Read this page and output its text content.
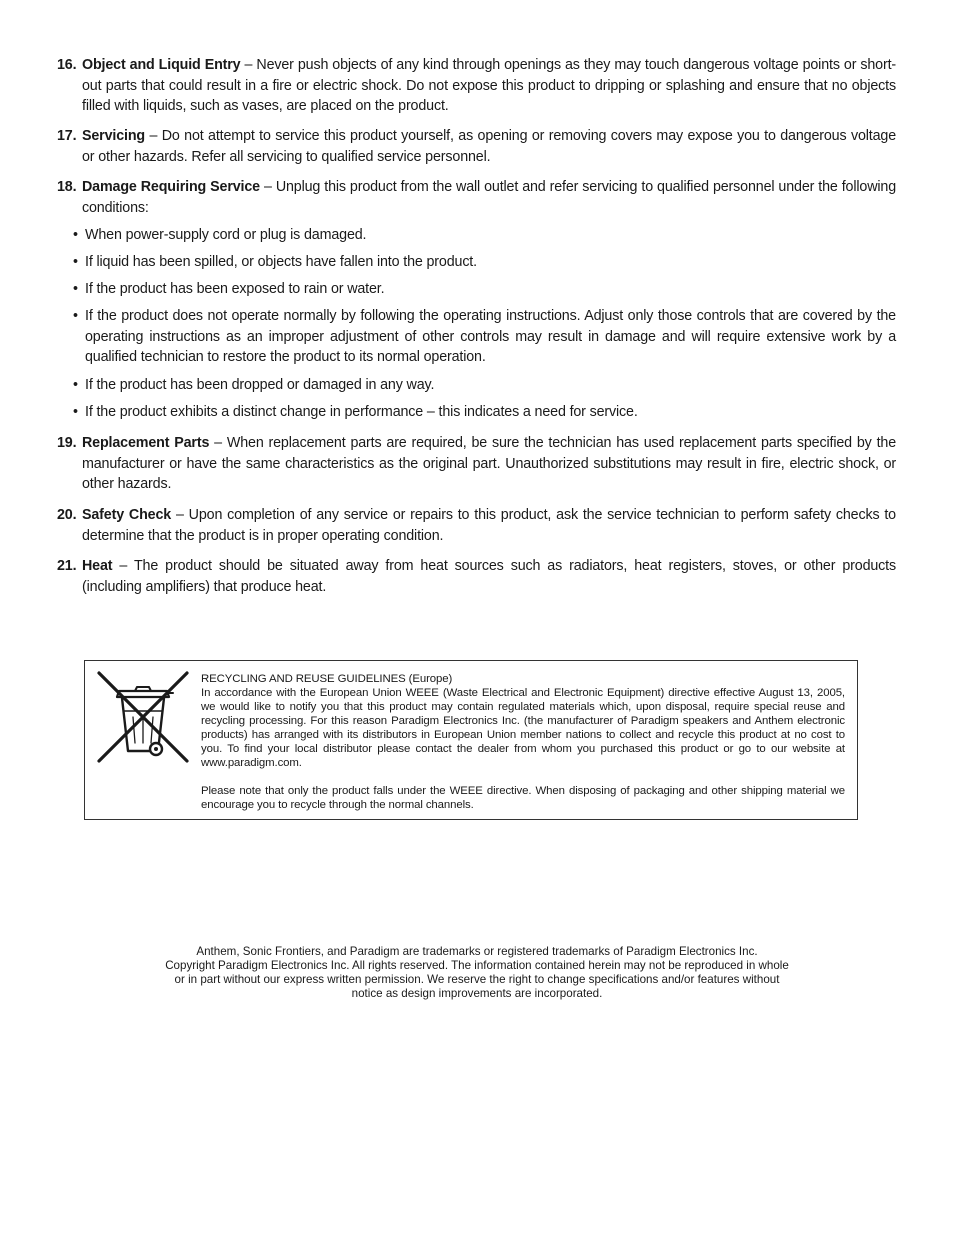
16. Object and Liquid Entry – Never push objects of any kind through openings as they may touch dangerous voltage points or short-out parts that could result in a fire or electric shock. Do not expose this product to dripping or splashing and ensure that no objects filled with liquids, such as vases, are placed on the product.
17. Servicing – Do not attempt to service this product yourself, as opening or removing covers may expose you to dangerous voltage or other hazards. Refer all servicing to qualified service personnel.
18. Damage Requiring Service – Unplug this product from the wall outlet and refer servicing to qualified personnel under the following conditions:
• When power-supply cord or plug is damaged.
• If liquid has been spilled, or objects have fallen into the product.
• If the product has been exposed to rain or water.
• If the product does not operate normally by following the operating instructions. Adjust only those controls that are covered by the operating instructions as an improper adjustment of other controls may result in damage and will require extensive work by a qualified technician to restore the product to its normal operation.
• If the product has been dropped or damaged in any way.
• If the product exhibits a distinct change in performance – this indicates a need for service.
19. Replacement Parts – When replacement parts are required, be sure the technician has used replacement parts specified by the manufacturer or have the same characteristics as the original part. Unauthorized substitutions may result in fire, electric shock, or other hazards.
20. Safety Check – Upon completion of any service or repairs to this product, ask the service technician to perform safety checks to determine that the product is in proper operating condition.
21. Heat – The product should be situated away from heat sources such as radiators, heat registers, stoves, or other products (including amplifiers) that produce heat.

RECYCLING AND REUSE GUIDELINES (Europe)

In accordance with the European Union WEEE (Waste Electrical and Electronic Equipment) directive effective August 13, 2005, we would like to notify you that this product may contain regulated materials which, upon disposal, require special reuse and recycling processing. For this reason Paradigm Electronics Inc. (the manufacturer of Paradigm speakers and Anthem electronic products) has arranged with its distributors in European Union member nations to collect and recycle this product at no cost to you. To find your local distributor please contact the dealer from whom you purchased this product or go to our website at www.paradigm.com.

Please note that only the product falls under the WEEE directive. When disposing of packaging and other shipping material we encourage you to recycle through the normal channels.

Anthem, Sonic Frontiers, and Paradigm are trademarks or registered trademarks of Paradigm Electronics Inc.

Copyright Paradigm Electronics Inc. All rights reserved. The information contained herein may not be reproduced in whole

or in part without our express written permission. We reserve the right to change specifications and/or features without

notice as design improvements are incorporated.
